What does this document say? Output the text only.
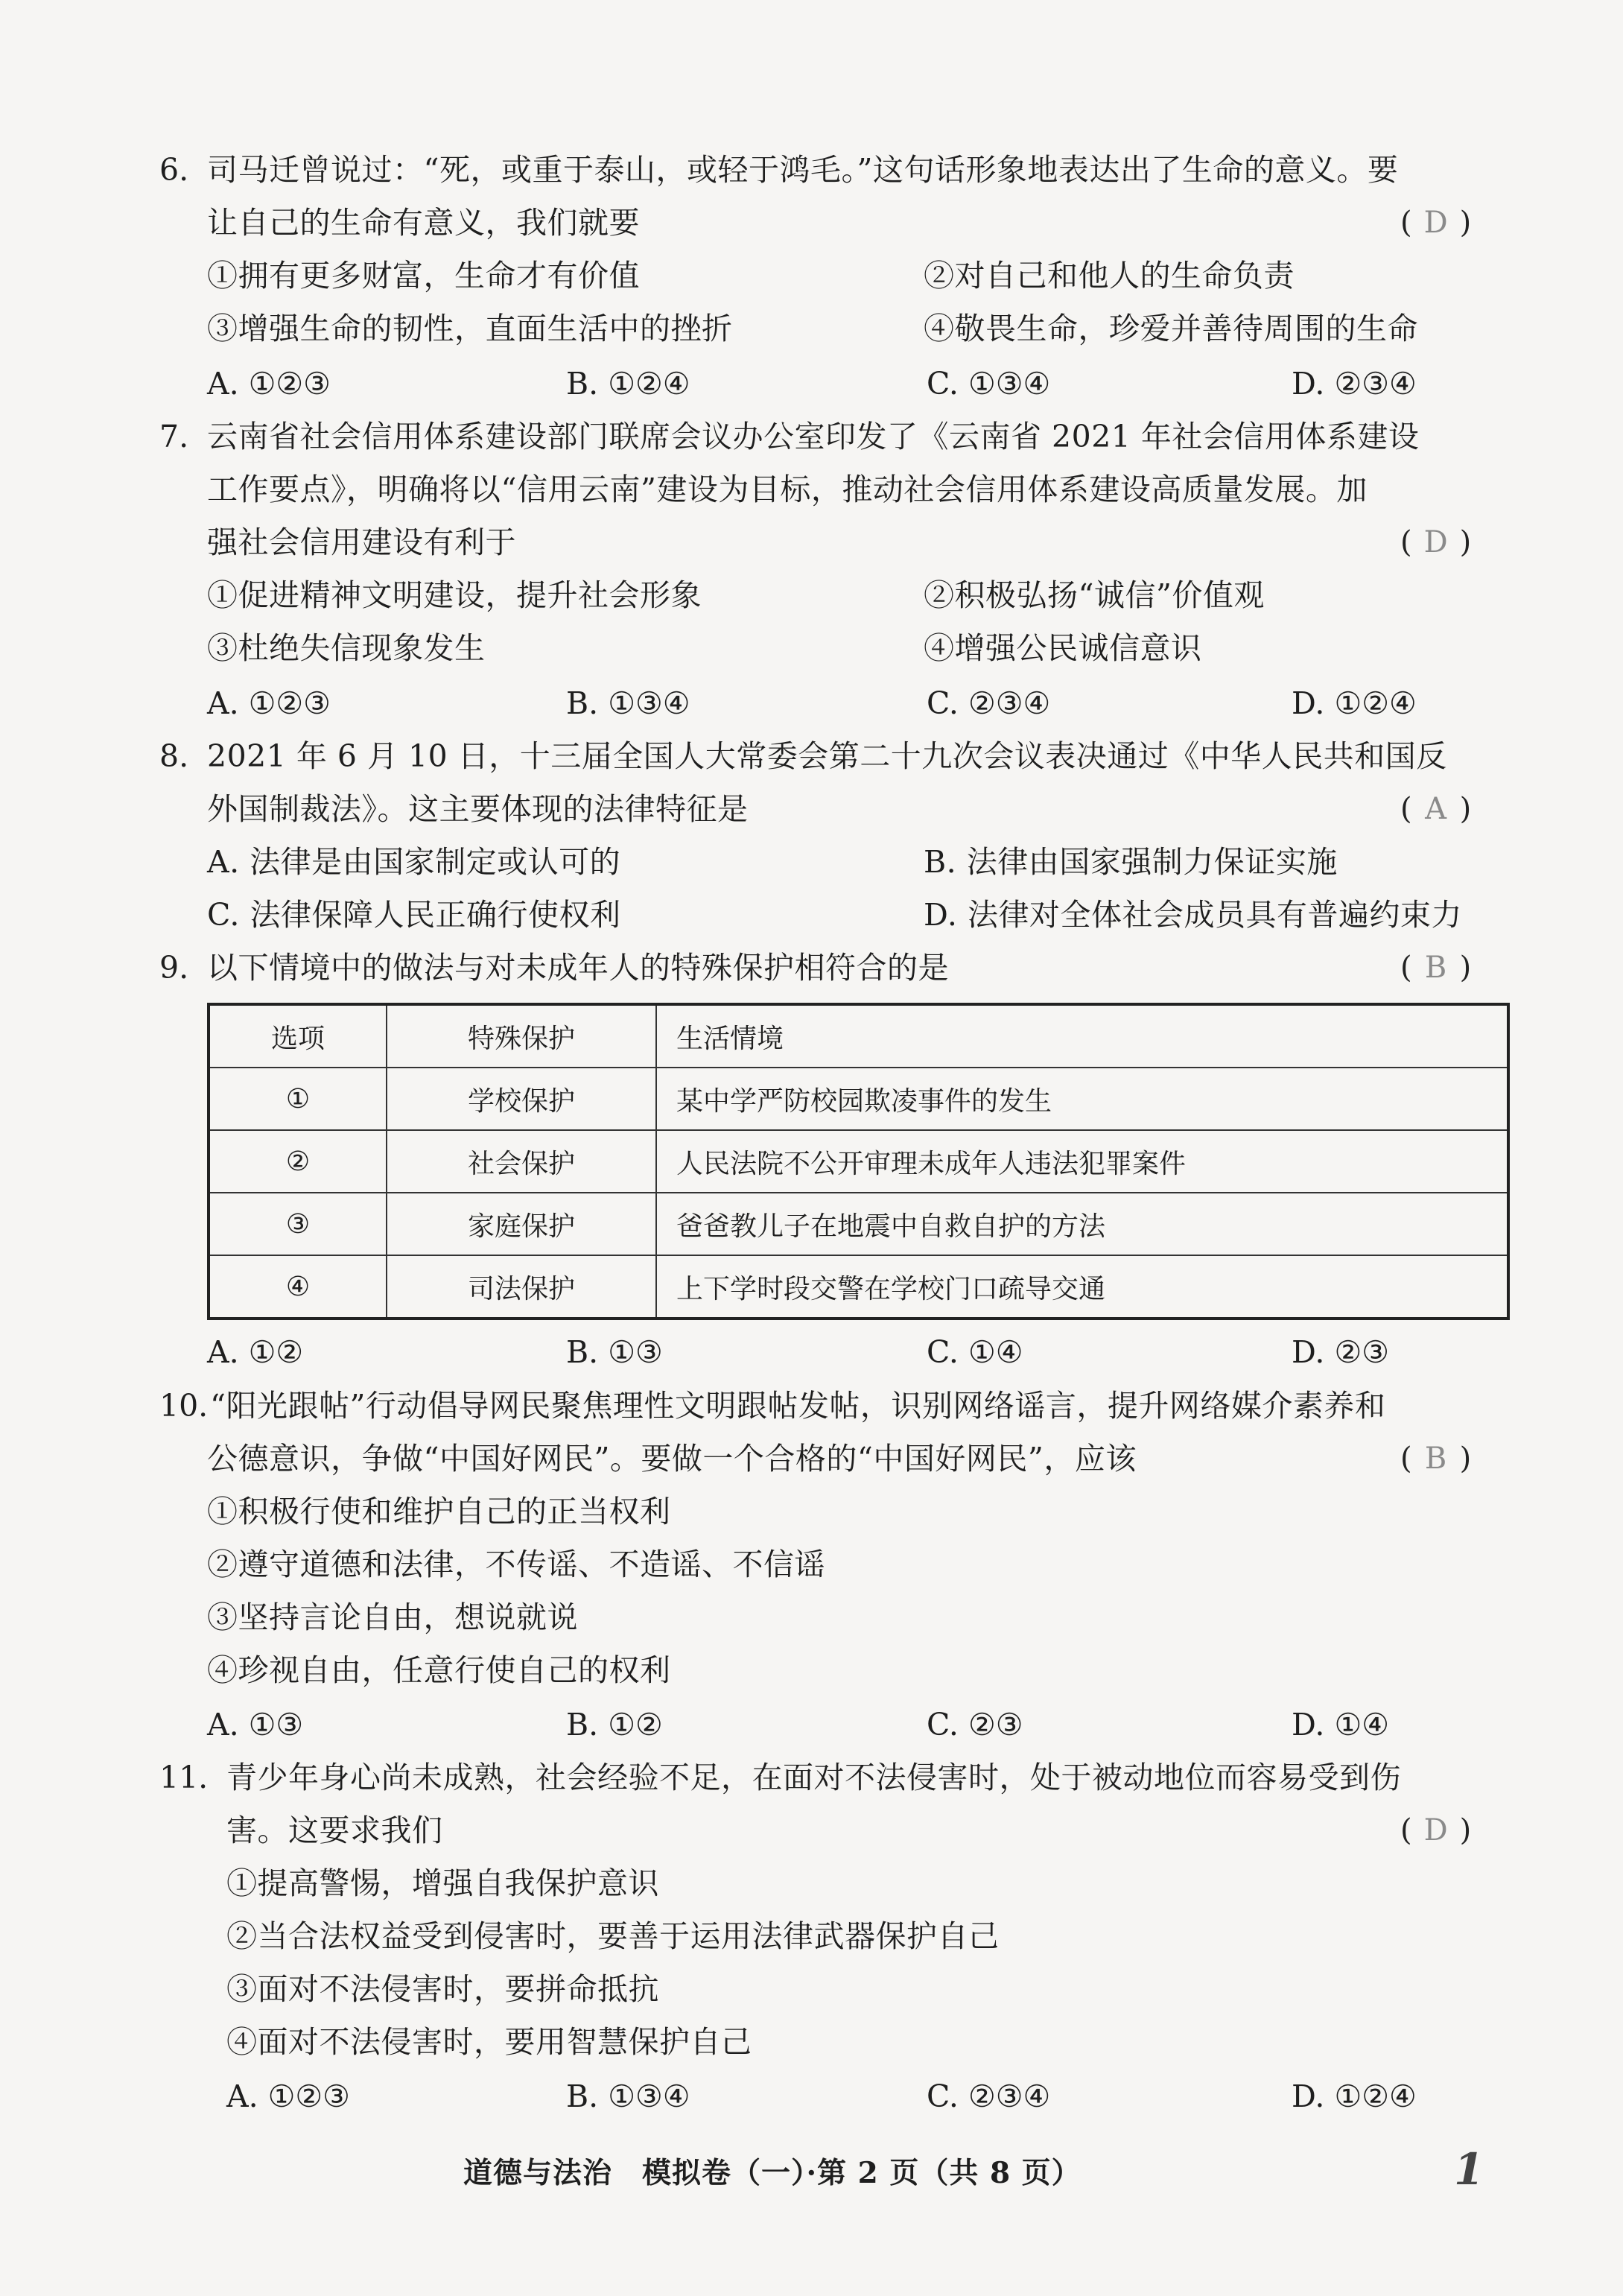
6. 司马迁曾说过：“死，或重于泰山，或轻于鸿毛。”这句话形象地表达出了生命的意义。要
让自己的生命有意义，我们就要	( D )
①拥有更多财富，生命才有价值	②对自己和他人的生命负责
③增强生命的韧性，直面生活中的挫折	④敬畏生命，珍爱并善待周围的生命
A. ①②③	B. ①②④	C. ①③④	D. ②③④
7. 云南省社会信用体系建设部门联席会议办公室印发了《云南省 2021 年社会信用体系建设
工作要点》，明确将以“信用云南”建设为目标，推动社会信用体系建设高质量发展。加
强社会信用建设有利于	( D )
①促进精神文明建设，提升社会形象	②积极弘扬“诚信”价值观
③杜绝失信现象发生	④增强公民诚信意识
A. ①②③	B. ①③④	C. ②③④	D. ①②④
8. 2021 年 6 月 10 日，十三届全国人大常委会第二十九次会议表决通过《中华人民共和国反
外国制裁法》。这主要体现的法律特征是	( A )
A. 法律是由国家制定或认可的	B. 法律由国家强制力保证实施
C. 法律保障人民正确行使权利	D. 法律对全体社会成员具有普遍约束力
9. 以下情境中的做法与对未成年人的特殊保护相符合的是	( B )
选项	特殊保护	生活情境
①	学校保护	某中学严防校园欺凌事件的发生
②	社会保护	人民法院不公开审理未成年人违法犯罪案件
③	家庭保护	爸爸教儿子在地震中自救自护的方法
④	司法保护	上下学时段交警在学校门口疏导交通
A. ①②	B. ①③	C. ①④	D. ②③
10. “阳光跟帖”行动倡导网民聚焦理性文明跟帖发帖，识别网络谣言，提升网络媒介素养和
公德意识，争做“中国好网民”。要做一个合格的“中国好网民”，应该	( B )
①积极行使和维护自己的正当权利
②遵守道德和法律，不传谣、不造谣、不信谣
③坚持言论自由，想说就说
④珍视自由，任意行使自己的权利
A. ①③	B. ①②	C. ②③	D. ①④
11. 青少年身心尚未成熟，社会经验不足，在面对不法侵害时，处于被动地位而容易受到伤
害。这要求我们	( D )
①提高警惕，增强自我保护意识
②当合法权益受到侵害时，要善于运用法律武器保护自己
③面对不法侵害时，要拼命抵抗
④面对不法侵害时，要用智慧保护自己
A. ①②③	B. ①③④	C. ②③④	D. ①②④
道德与法治　模拟卷（一）·第 2 页（共 8 页）	1
